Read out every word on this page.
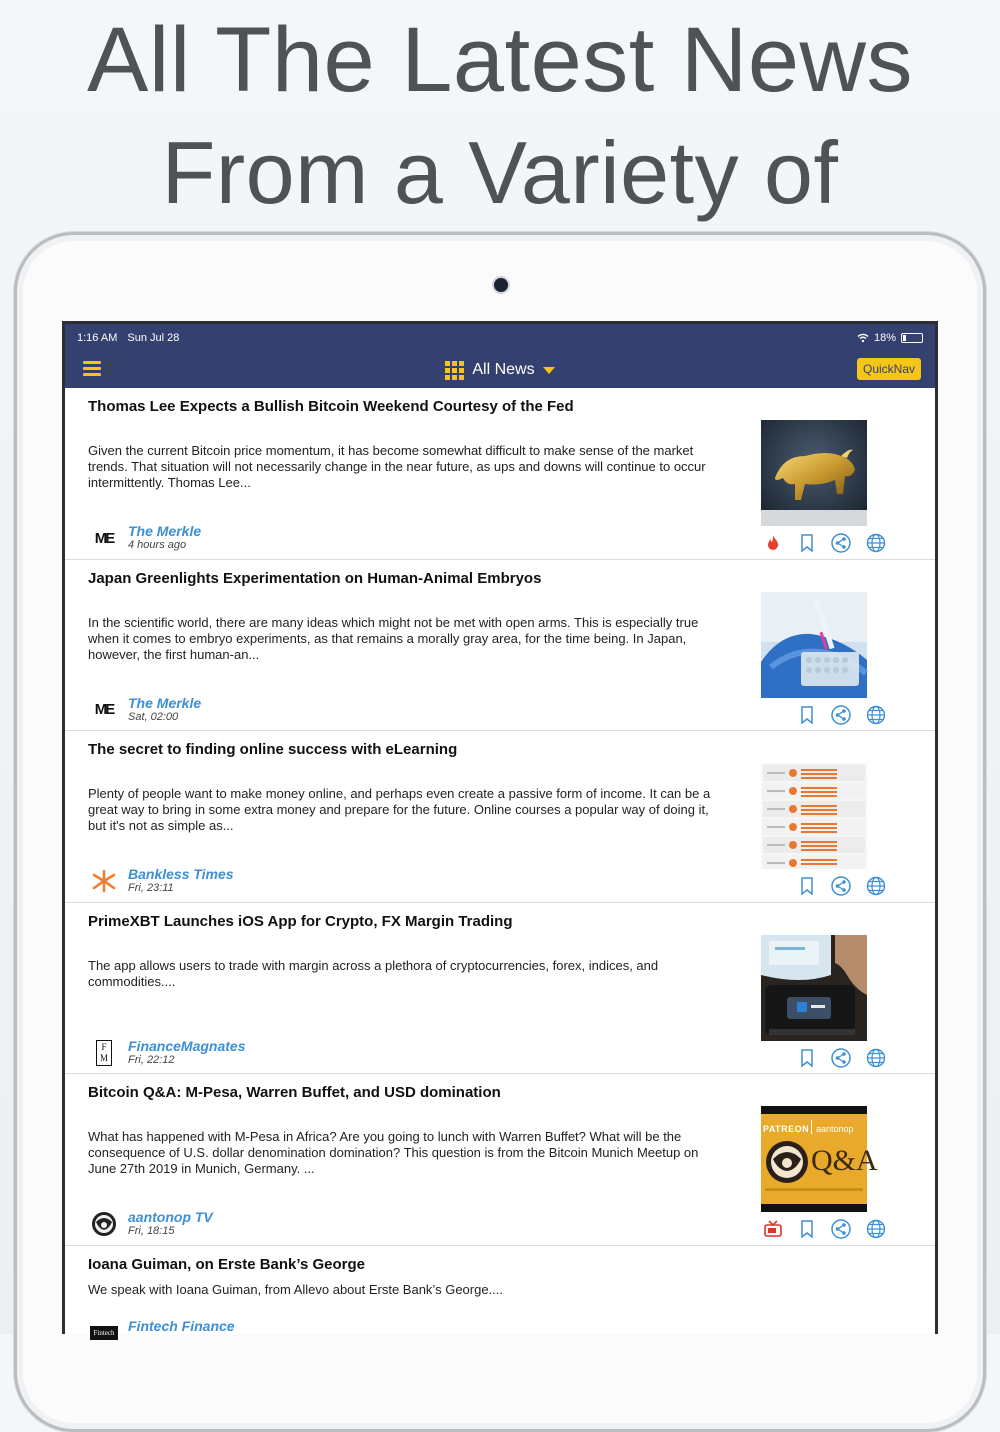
All The Latest News
From a Variety of
1:16 AM Sun Jul 28	18%
All News	QuickNav
Thomas Lee Expects a Bullish Bitcoin Weekend Courtesy of the Fed
Given the current Bitcoin price momentum, it has become somewhat difficult to make sense of the market trends. That situation will not necessarily change in the near future, as ups and downs will continue to occur intermittently. Thomas Lee...
ME The Merkle
4 hours ago
Japan Greenlights Experimentation on Human-Animal Embryos
In the scientific world, there are many ideas which might not be met with open arms. This is especially true when it comes to embryo experiments, as that remains a morally gray area, for the time being. In Japan, however, the first human-an...
ME The Merkle
Sat, 02:00
The secret to finding online success with eLearning
Plenty of people want to make money online, and perhaps even create a passive form of income. It can be a great way to bring in some extra money and prepare for the future. Online courses a popular way of doing it, but it's not as simple as...
Bankless Times
Fri, 23:11
PrimeXBT Launches iOS App for Crypto, FX Margin Trading
The app allows users to trade with margin across a plethora of cryptocurrencies, forex, indices, and commodities....
F M
FinanceMagnates
Fri, 22:12
Bitcoin Q&A: M-Pesa, Warren Buffet, and USD domination
What has happened with M-Pesa in Africa? Are you going to lunch with Warren Buffet? What will be the consequence of U.S. dollar denomination domination? This question is from the Bitcoin Munich Meetup on June 27th 2019 in Munich, Germany. ...
aantonop TV
Fri, 18:15
PATREON aantonop
Q&A
Ioana Guiman, on Erste Bank’s George
We speak with Ioana Guiman, from Allevo about Erste Bank’s George....
Fintech Fintech Finance
